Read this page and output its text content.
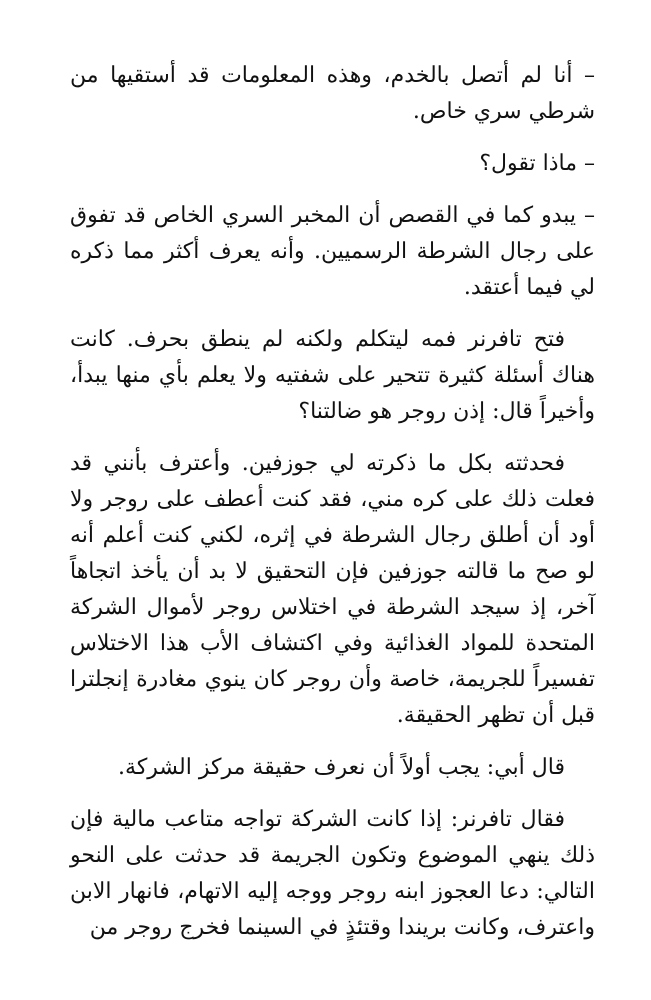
– أنا لم أتصل بالخدم، وهذه المعلومات قد أستقيها من شرطي سري خاص.

– ماذا تقول؟

– يبدو كما في القصص أن المخبر السري الخاص قد تفوق على رجال الشرطة الرسميين. وأنه يعرف أكثر مما ذكره لي فيما أعتقد.

فتح تافرنر فمه ليتكلم ولكنه لم ينطق بحرف. كانت هناك أسئلة كثيرة تتحير على شفتيه ولا يعلم بأي منها يبدأ، وأخيراً قال: إذن روجر هو ضالتنا؟

فحدثته بكل ما ذكرته لي جوزفين. وأعترف بأنني قد فعلت ذلك على كره مني، فقد كنت أعطف على روجر ولا أود أن أطلق رجال الشرطة في إثره، لكني كنت أعلم أنه لو صح ما قالته جوزفين فإن التحقيق لا بد أن يأخذ اتجاهاً آخر، إذ سيجد الشرطة في اختلاس روجر لأموال الشركة المتحدة للمواد الغذائية وفي اكتشاف الأب هذا الاختلاس تفسيراً للجريمة، خاصة وأن روجر كان ينوي مغادرة إنجلترا قبل أن تظهر الحقيقة.

قال أبي: يجب أولاً أن نعرف حقيقة مركز الشركة.

فقال تافرنر: إذا كانت الشركة تواجه متاعب مالية فإن ذلك ينهي الموضوع وتكون الجريمة قد حدثت على النحو التالي: دعا العجوز ابنه روجر ووجه إليه الاتهام، فانهار الابن واعترف، وكانت بريندا وقتئذٍ في السينما فخرج روجر من
